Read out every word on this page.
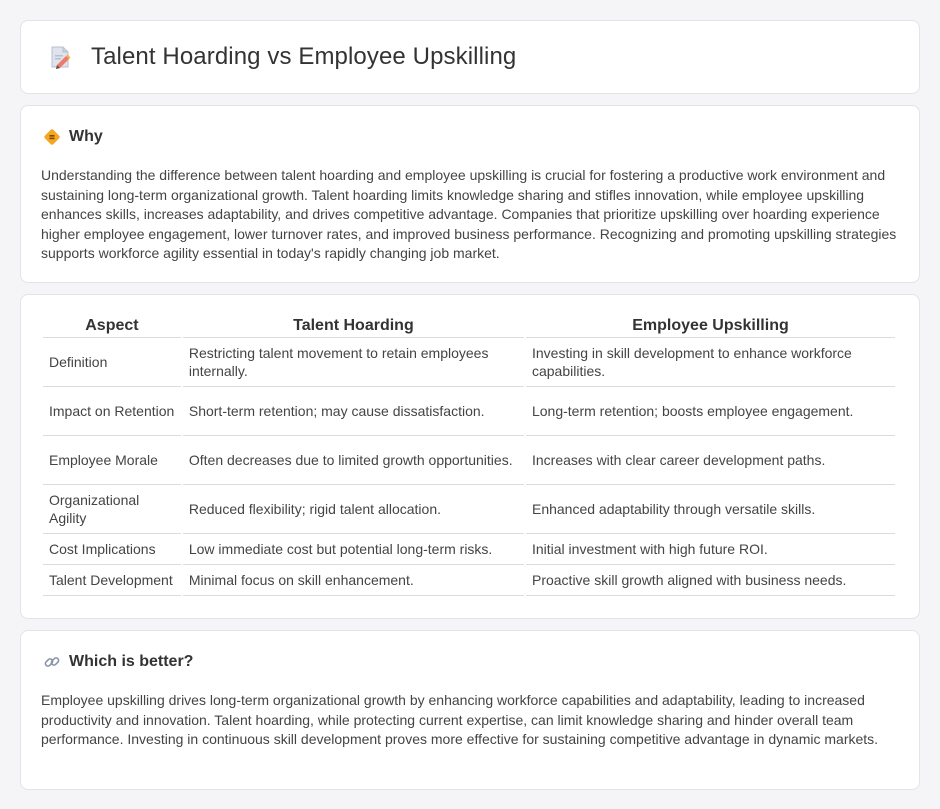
Talent Hoarding vs Employee Upskilling
Why

Understanding the difference between talent hoarding and employee upskilling is crucial for fostering a productive work environment and sustaining long-term organizational growth. Talent hoarding limits knowledge sharing and stifles innovation, while employee upskilling enhances skills, increases adaptability, and drives competitive advantage. Companies that prioritize upskilling over hoarding experience higher employee engagement, lower turnover rates, and improved business performance. Recognizing and promoting upskilling strategies supports workforce agility essential in today's rapidly changing job market.

Aspect	Talent Hoarding	Employee Upskilling
Definition	Restricting talent movement to retain employees internally.	Investing in skill development to enhance workforce capabilities.
Impact on Retention	Short-term retention; may cause dissatisfaction.	Long-term retention; boosts employee engagement.
Employee Morale	Often decreases due to limited growth opportunities.	Increases with clear career development paths.
Organizational Agility	Reduced flexibility; rigid talent allocation.	Enhanced adaptability through versatile skills.
Cost Implications	Low immediate cost but potential long-term risks.	Initial investment with high future ROI.
Talent Development	Minimal focus on skill enhancement.	Proactive skill growth aligned with business needs.
Which is better?

Employee upskilling drives long-term organizational growth by enhancing workforce capabilities and adaptability, leading to increased productivity and innovation. Talent hoarding, while protecting current expertise, can limit knowledge sharing and hinder overall team performance. Investing in continuous skill development proves more effective for sustaining competitive advantage in dynamic markets.
